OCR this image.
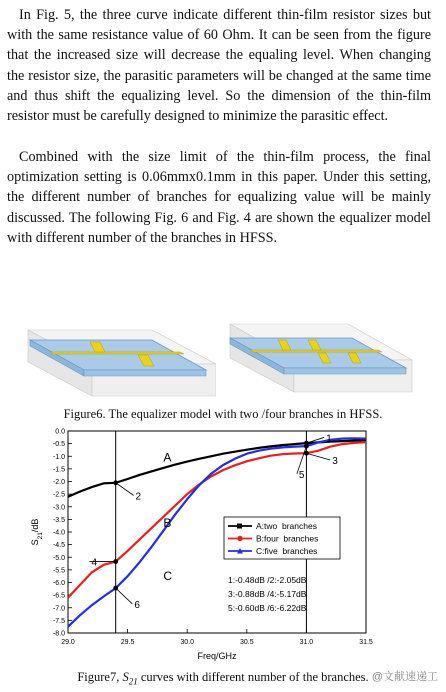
In Fig. 5, the three curve indicate different thin-film resistor sizes but with the same resistance value of 60 Ohm. It can be seen from the figure that the increased size will decrease the equaling level. When changing the resistor size, the parasitic parameters will be changed at the same time and thus shift the equalizing level. So the dimension of the thin-film resistor must be carefully designed to minimize the parasitic effect.

Combined with the size limit of the thin-film process, the final optimization setting is 0.06mmx0.1mm in this paper. Under this setting, the different number of branches for equalizing value will be mainly discussed. The following Fig. 6 and Fig. 4 are shown the equalizer model with different number of the branches in HFSS.

Figure6. The equalizer model with two /four branches in HFSS.
29.0	29.5	30.0	30.5	31.0	31.5
0.0
-0.5
-1.0
-1.5
-2.0
-2.5
-3.0
-3.5
-4.0
-4.5
-5.0
-5.5
-6.0
-6.5
-7.0
-7.5
-8.0
A
B
C
1
2
3
4
5
6
A:two  branches
B:four  branches
C:five  branches
1:-0.48dB /2:-2.05dB
3:-0.88dB /4:-5.17dB
5:-0.60dB /6:-6.22dB
Freq/GHz
$S_{21}/dB$
Figure7, $S_{21}$ curves with different number of the branches. @文献速递工
